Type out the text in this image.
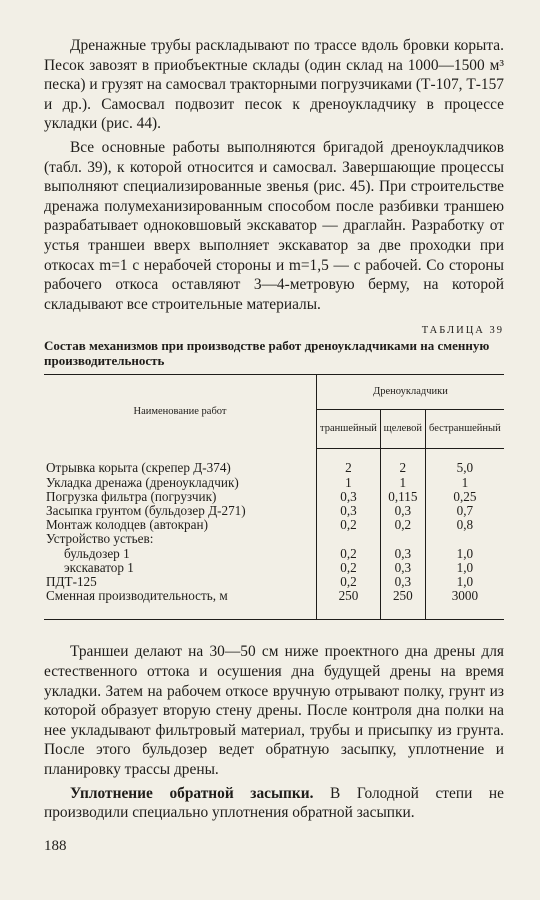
Дренажные трубы раскладывают по трассе вдоль бровки корыта. Песок завозят в приобъектные склады (один склад на 1000—1500 м³ песка) и грузят на самосвал тракторными погрузчиками (Т-107, Т-157 и др.). Самосвал подвозит песок к дреноукладчику в процессе укладки (рис. 44).

Все основные работы выполняются бригадой дреноукладчиков (табл. 39), к которой относится и самосвал. Завершающие процессы выполняют специализированные звенья (рис. 45). При строительстве дренажа полумеханизированным способом после разбивки траншею разрабатывает одноковшовый экскаватор — драглайн. Разработку от устья траншеи вверх выполняет экскаватор за две проходки при откосах m=1 с нерабочей стороны и m=1,5 — с рабочей. Со стороны рабочего откоса оставляют 3—4-метровую берму, на которой складывают все строительные материалы.

ТАБЛИЦА 39
Состав механизмов при производстве работ дреноукладчиками на сменную производительность
Наименование работ	Дреноукладчики		
	траншейный	щелевой	бестраншейный
Отрывка корыта (скрепер Д-374)	2	2	5,0
Укладка дренажа (дреноукладчик)	1	1	1
Погрузка фильтра (погрузчик)	0,3	0,115	0,25
Засыпка грунтом (бульдозер Д-271)	0,3	0,3	0,7
Монтаж колодцев (автокран)	0,2	0,2	0,8
Устройство устьев:			
бульдозер 1	0,2	0,3	1,0
экскаватор 1	0,2	0,3	1,0
ПДТ-125	0,2	0,3	1,0
Сменная производительность, м	250	250	3000

Траншеи делают на 30—50 см ниже проектного дна дрены для естественного оттока и осушения дна будущей дрены на время укладки. Затем на рабочем откосе вручную отрывают полку, грунт из которой образует вторую стену дрены. После контроля дна полки на нее укладывают фильтровый материал, трубы и присыпку из грунта. После этого бульдозер ведет обратную засыпку, уплотнение и планировку трассы дрены.

Уплотнение обратной засыпки. В Голодной степи не производили специально уплотнения обратной засыпки.

188
